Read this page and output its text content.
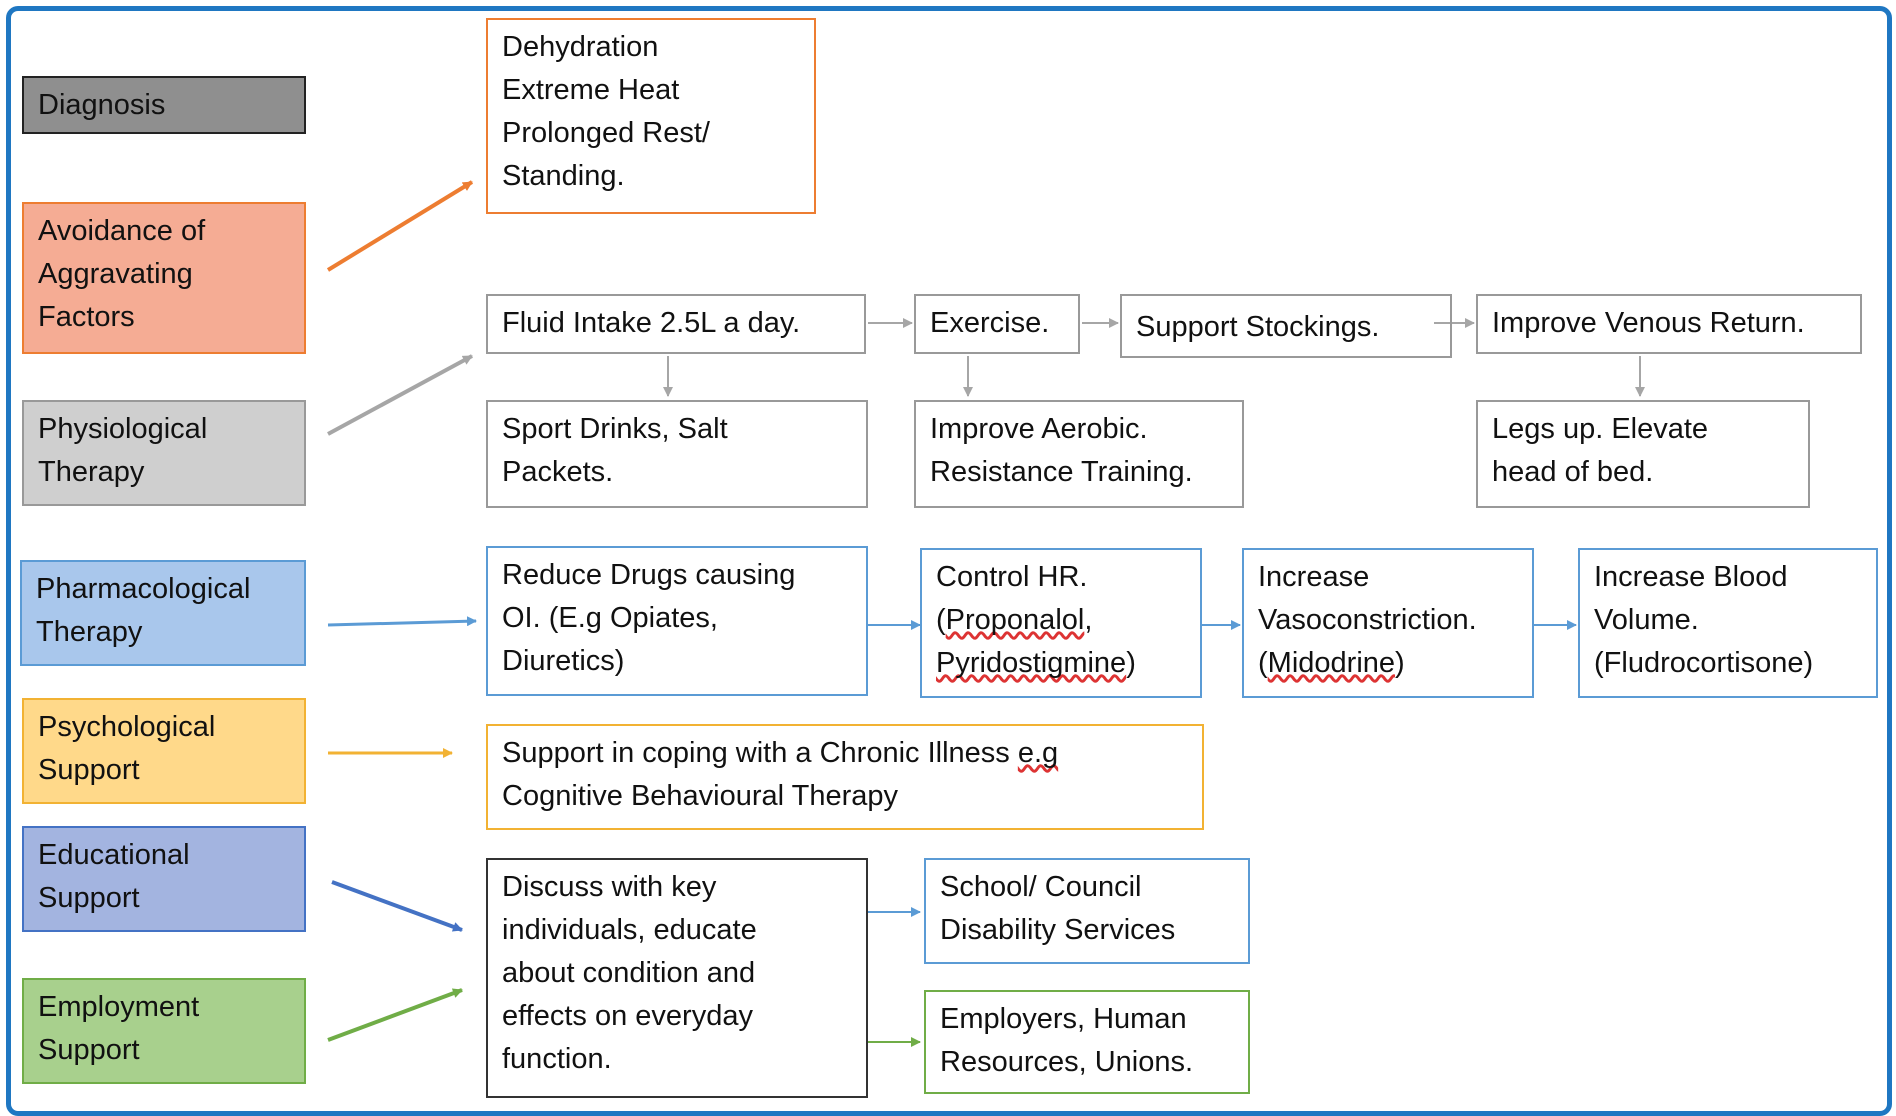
Diagnosis
Avoidance of
Aggravating
Factors
Physiological
Therapy
Pharmacological
Therapy
Psychological
Support
Educational
Support
Employment
Support
Dehydration
Extreme Heat
Prolonged Rest/
Standing.
Fluid Intake 2.5L a day.	Exercise.	Support Stockings.	Improve Venous Return.
Sport Drinks, Salt
Packets.
Improve Aerobic.
Resistance Training.
Legs up. Elevate
head of bed.
Reduce Drugs causing
OI. (E.g Opiates,
Diuretics)
Control HR.
(Proponalol,
Pyridostigmine)
Increase
Vasoconstriction.
(Midodrine)
Increase Blood
Volume.
(Fludrocortisone)
Support in coping with a Chronic Illness e.g
Cognitive Behavioural Therapy
Discuss with key
individuals, educate
about condition and
effects on everyday
function.
School/ Council
Disability Services
Employers, Human
Resources, Unions.
